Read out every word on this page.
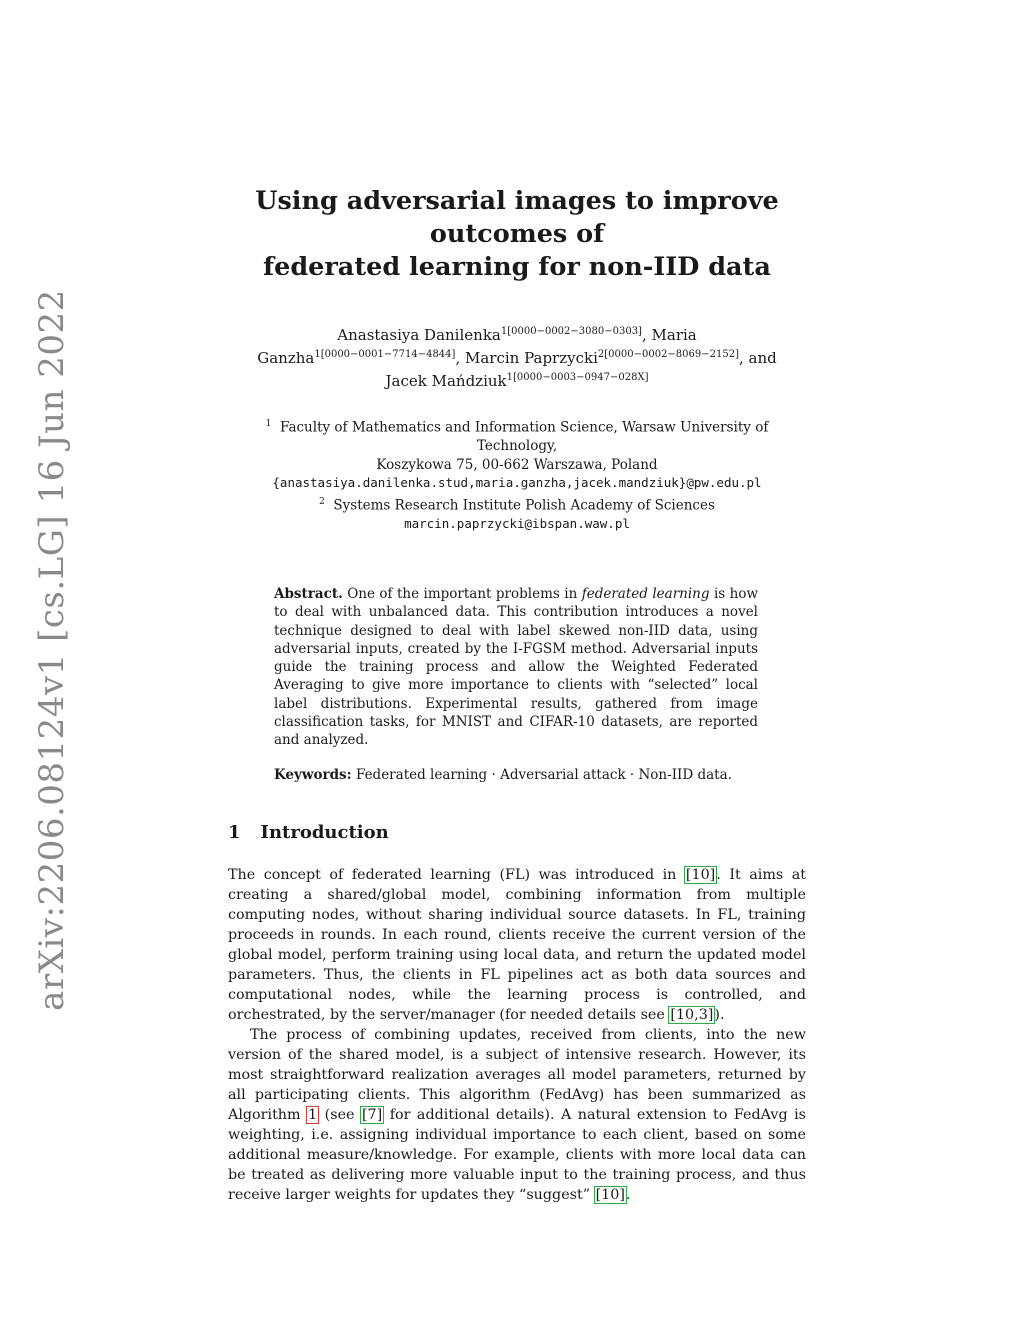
arXiv:2206.08124v1 [cs.LG] 16 Jun 2022
Using adversarial images to improve outcomes of
federated learning for non-IID data
Anastasiya Danilenka$^{1[0000-0002-3080-0303]}$, Maria
Ganzha$^{1[0000-0001-7714-4844]}$, Marcin Paprzycki$^{2[0000-0002-8069-2152]}$, and
Jacek Mańdziuk$^{1[0000-0003-0947-028X]}$
$^1$ Faculty of Mathematics and Information Science, Warsaw University of Technology,
Koszykowa 75, 00-662 Warszawa, Poland
{anastasiya.danilenka.stud,maria.ganzha,jacek.mandziuk}@pw.edu.pl
$^2$ Systems Research Institute Polish Academy of Sciences
marcin.paprzycki@ibspan.waw.pl
Abstract. One of the important problems in federated learning is how to deal with unbalanced data. This contribution introduces a novel technique designed to deal with label skewed non-IID data, using adversarial inputs, created by the I-FGSM method. Adversarial inputs guide the training process and allow the Weighted Federated Averaging to give more importance to clients with “selected” local label distributions. Experimental results, gathered from image classification tasks, for MNIST and CIFAR-10 datasets, are reported and analyzed.
Keywords: Federated learning · Adversarial attack · Non-IID data.
1 Introduction

The concept of federated learning (FL) was introduced in [10]. It aims at creating a shared/global model, combining information from multiple computing nodes, without sharing individual source datasets. In FL, training proceeds in rounds. In each round, clients receive the current version of the global model, perform training using local data, and return the updated model parameters. Thus, the clients in FL pipelines act as both data sources and computational nodes, while the learning process is controlled, and orchestrated, by the server/manager (for needed details see [10,3]).

The process of combining updates, received from clients, into the new version of the shared model, is a subject of intensive research. However, its most straightforward realization averages all model parameters, returned by all participating clients. This algorithm (FedAvg) has been summarized as Algorithm 1 (see [7] for additional details). A natural extension to FedAvg is weighting, i.e. assigning individual importance to each client, based on some additional measure/knowledge. For example, clients with more local data can be treated as delivering more valuable input to the training process, and thus receive larger weights for updates they “suggest” [10].
